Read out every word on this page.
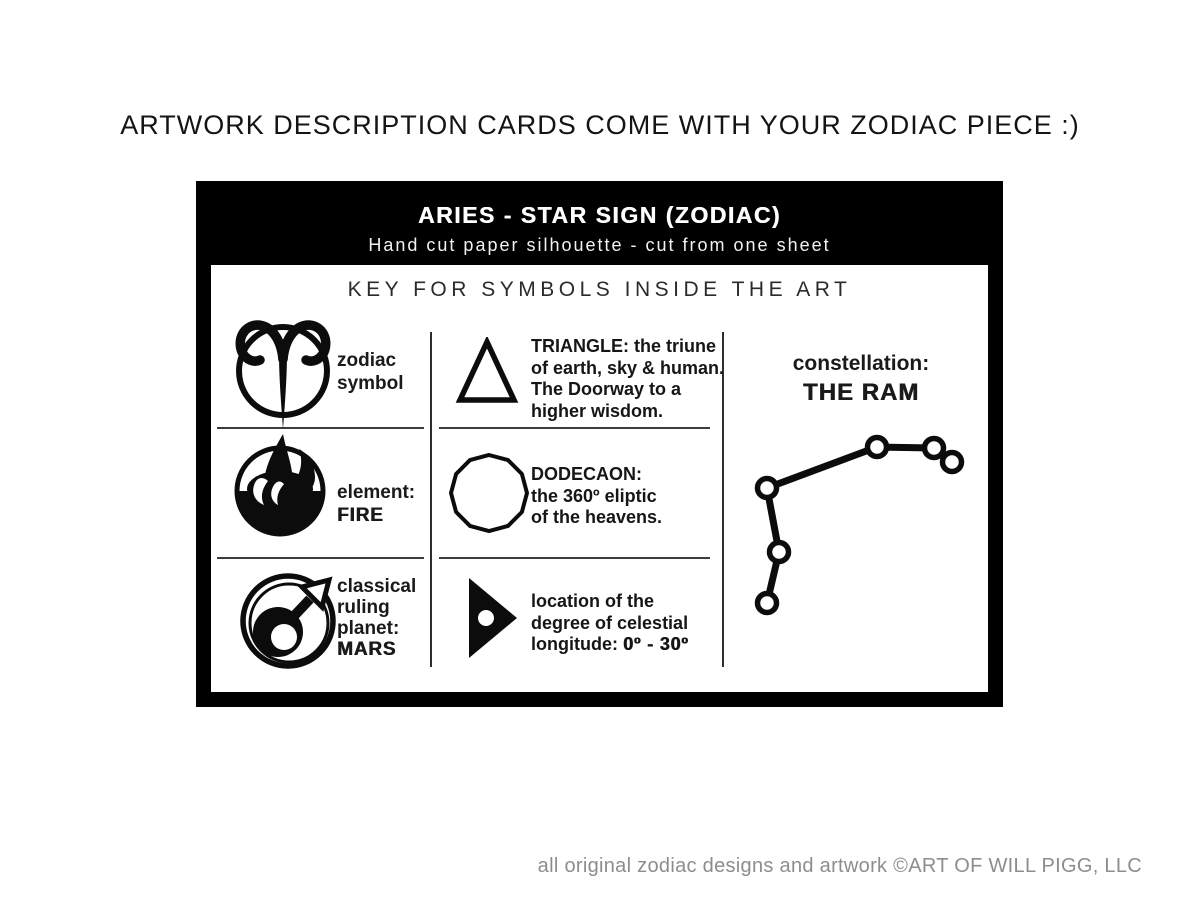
ARTWORK DESCRIPTION CARDS COME WITH YOUR ZODIAC PIECE :)
ARIES - STAR SIGN (ZODIAC)
Hand cut paper silhouette - cut from one sheet
KEY FOR SYMBOLS INSIDE THE ART
zodiac
symbol
TRIANGLE: the triune
of earth, sky & human.
The Doorway to a
higher wisdom.
element:
FIRE
DODECAON:
the 360º eliptic
of the heavens.
classical
ruling
planet:
MARS
location of the
degree of celestial
longitude: 0º - 30º
constellation:
THE RAM
all original zodiac designs and artwork ©ART OF WILL PIGG, LLC
